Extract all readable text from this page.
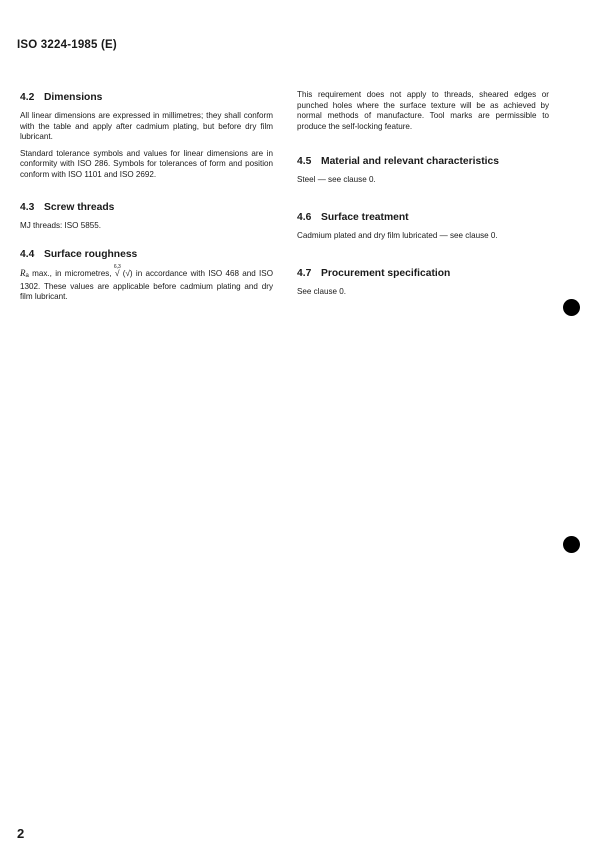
ISO 3224-1985 (E)
4.2 Dimensions

All linear dimensions are expressed in millimetres; they shall conform with the table and apply after cadmium plating, but before dry film lubricant.

Standard tolerance symbols and values for linear dimensions are in conformity with ISO 286. Symbols for tolerances of form and position conform with ISO 1101 and ISO 2692.

4.3 Screw threads

MJ threads: ISO 5855.

4.4 Surface roughness

Ra max., in micrometres,
6,3
√ (√) in accordance with ISO 468 and ISO 1302. These values are applicable before cadmium plating and dry film lubricant.

This requirement does not apply to threads, sheared edges or punched holes where the surface texture will be as achieved by normal methods of manufacture. Tool marks are permissible to produce the self-locking feature.

4.5 Material and relevant characteristics

Steel — see clause 0.

4.6 Surface treatment

Cadmium plated and dry film lubricated — see clause 0.

4.7 Procurement specification

See clause 0.

2
